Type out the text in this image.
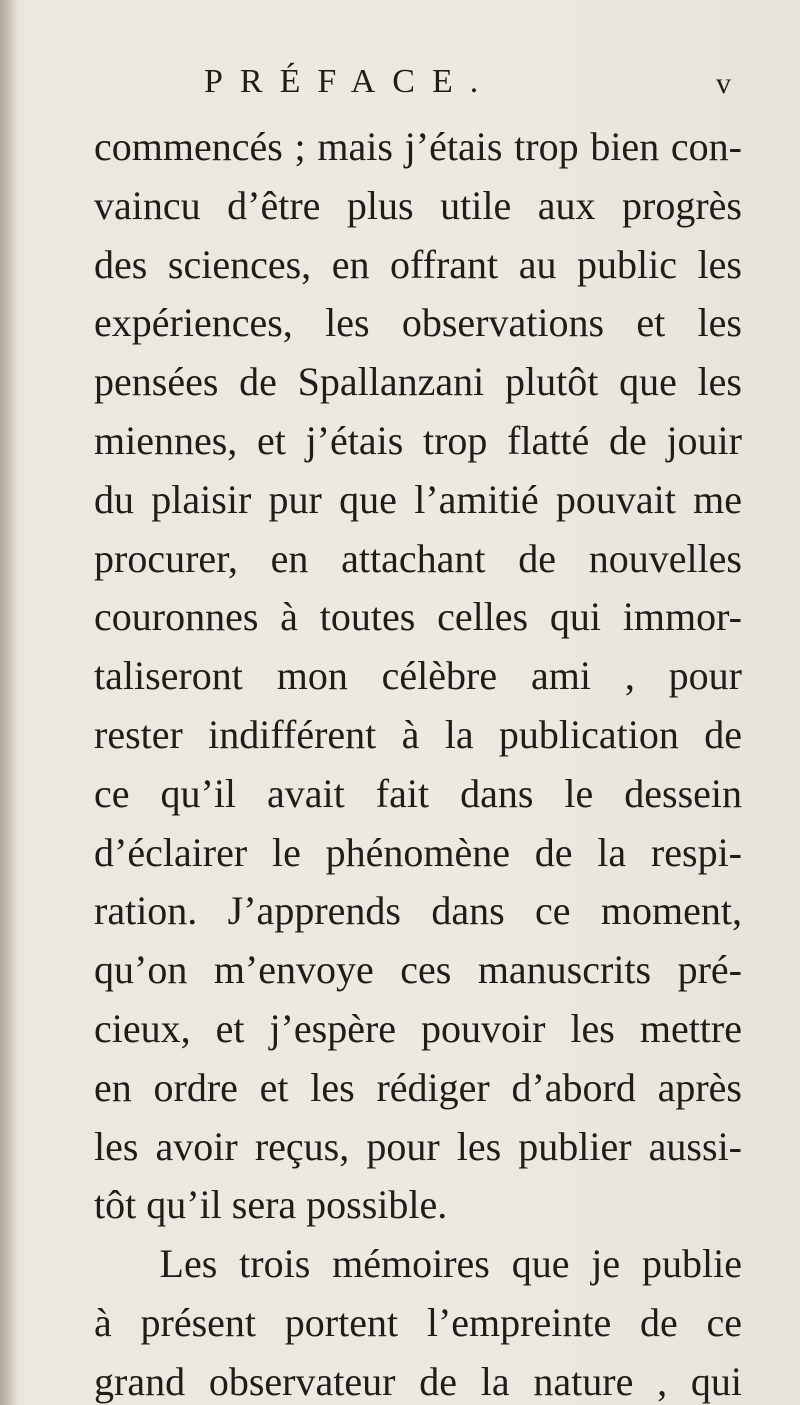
PRÉFACE.	v
commencés ; mais j’étais trop bien con-
vaincu d’être plus utile aux progrès
des sciences, en offrant au public les
expériences, les observations et les
pensées de Spallanzani plutôt que les
miennes, et j’étais trop flatté de jouir
du plaisir pur que l’amitié pouvait me
procurer, en attachant de nouvelles
couronnes à toutes celles qui immor-
taliseront mon célèbre ami , pour
rester indifférent à la publication de
ce qu’il avait fait dans le dessein
d’éclairer le phénomène de la respi-
ration. J’apprends dans ce moment,
qu’on m’envoye ces manuscrits pré-
cieux, et j’espère pouvoir les mettre
en ordre et les rédiger d’abord après
les avoir reçus, pour les publier aussi-
tôt qu’il sera possible.
Les trois mémoires que je publie
à présent portent l’empreinte de ce
grand observateur de la nature , qui
